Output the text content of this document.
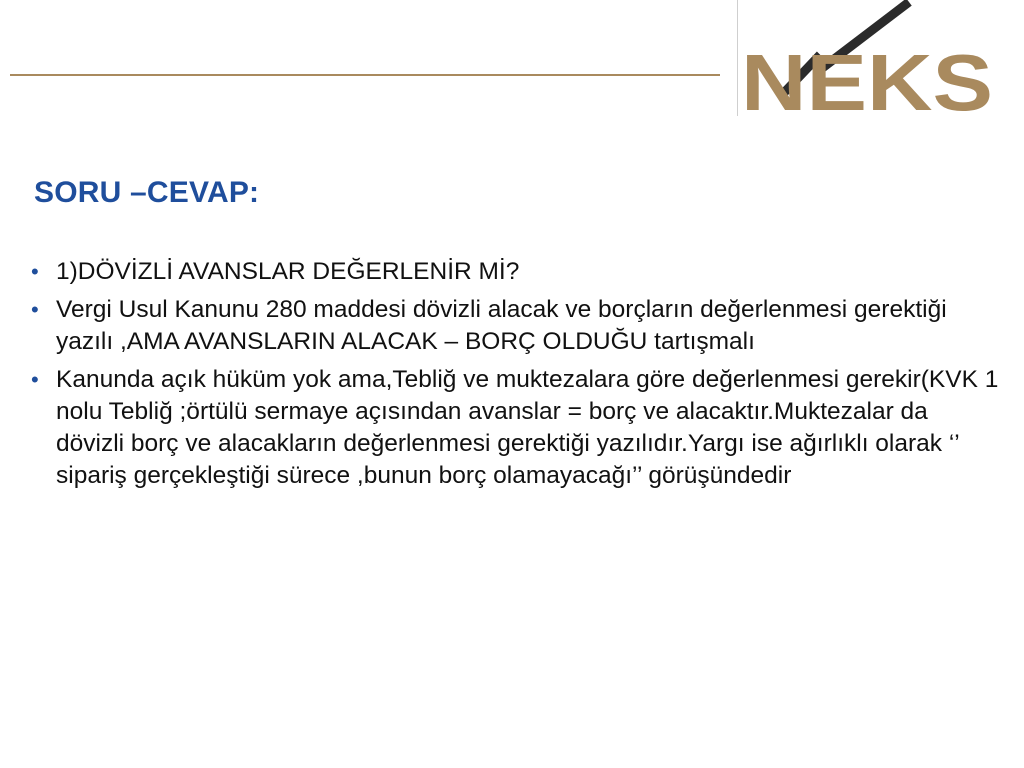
NEKS
SORU –CEVAP:
• 1)DÖVİZLİ AVANSLAR DEĞERLENİR Mİ?
• Vergi Usul Kanunu 280 maddesi dövizli alacak ve borçların değerlenmesi gerektiği yazılı ,AMA AVANSLARIN ALACAK – BORÇ OLDUĞU tartışmalı
• Kanunda açık hüküm yok ama,Tebliğ ve muktezalara göre değerlenmesi gerekir(KVK 1 nolu Tebliğ ;örtülü sermaye açısından avanslar = borç ve alacaktır.Muktezalar da dövizli borç ve alacakların değerlenmesi gerektiği yazılıdır.Yargı ise ağırlıklı olarak ‘’ sipariş gerçekleştiği sürece ,bunun borç olamayacağı’’ görüşündedir
